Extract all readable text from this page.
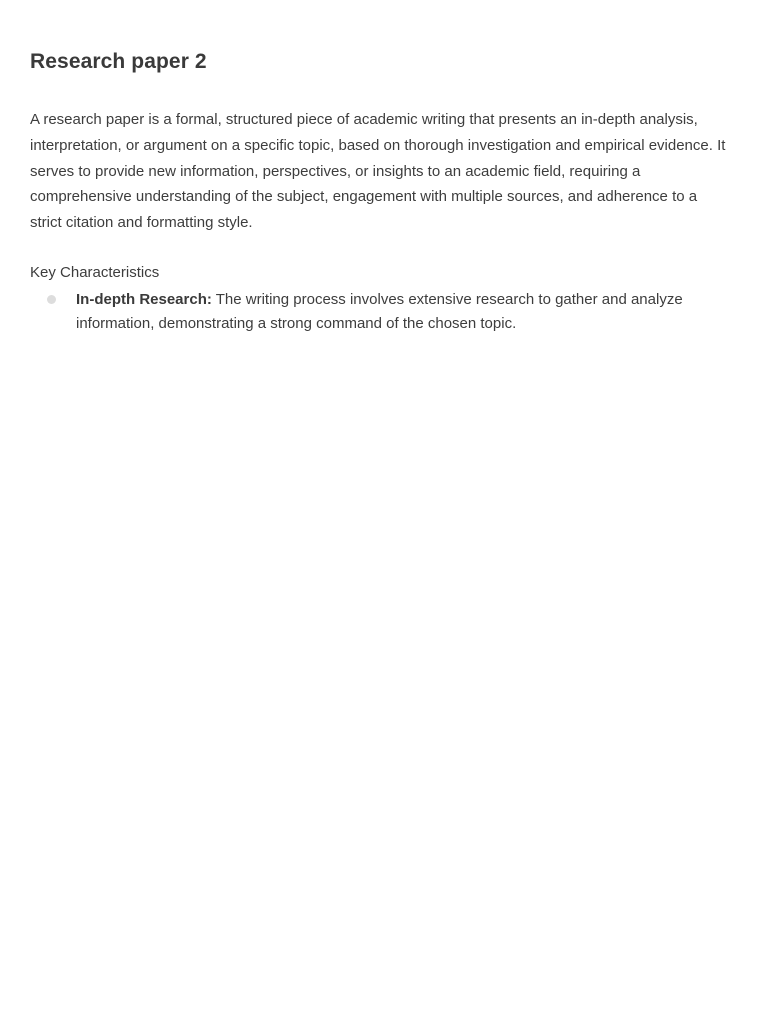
Research paper 2

A research paper is a formal, structured piece of academic writing that presents an in-depth analysis, interpretation, or argument on a specific topic, based on thorough investigation and empirical evidence. It serves to provide new information, perspectives, or insights to an academic field, requiring a comprehensive understanding of the subject, engagement with multiple sources, and adherence to a strict citation and formatting style.

Key Characteristics

In-depth Research: The writing process involves extensive research to gather and analyze information, demonstrating a strong command of the chosen topic.
